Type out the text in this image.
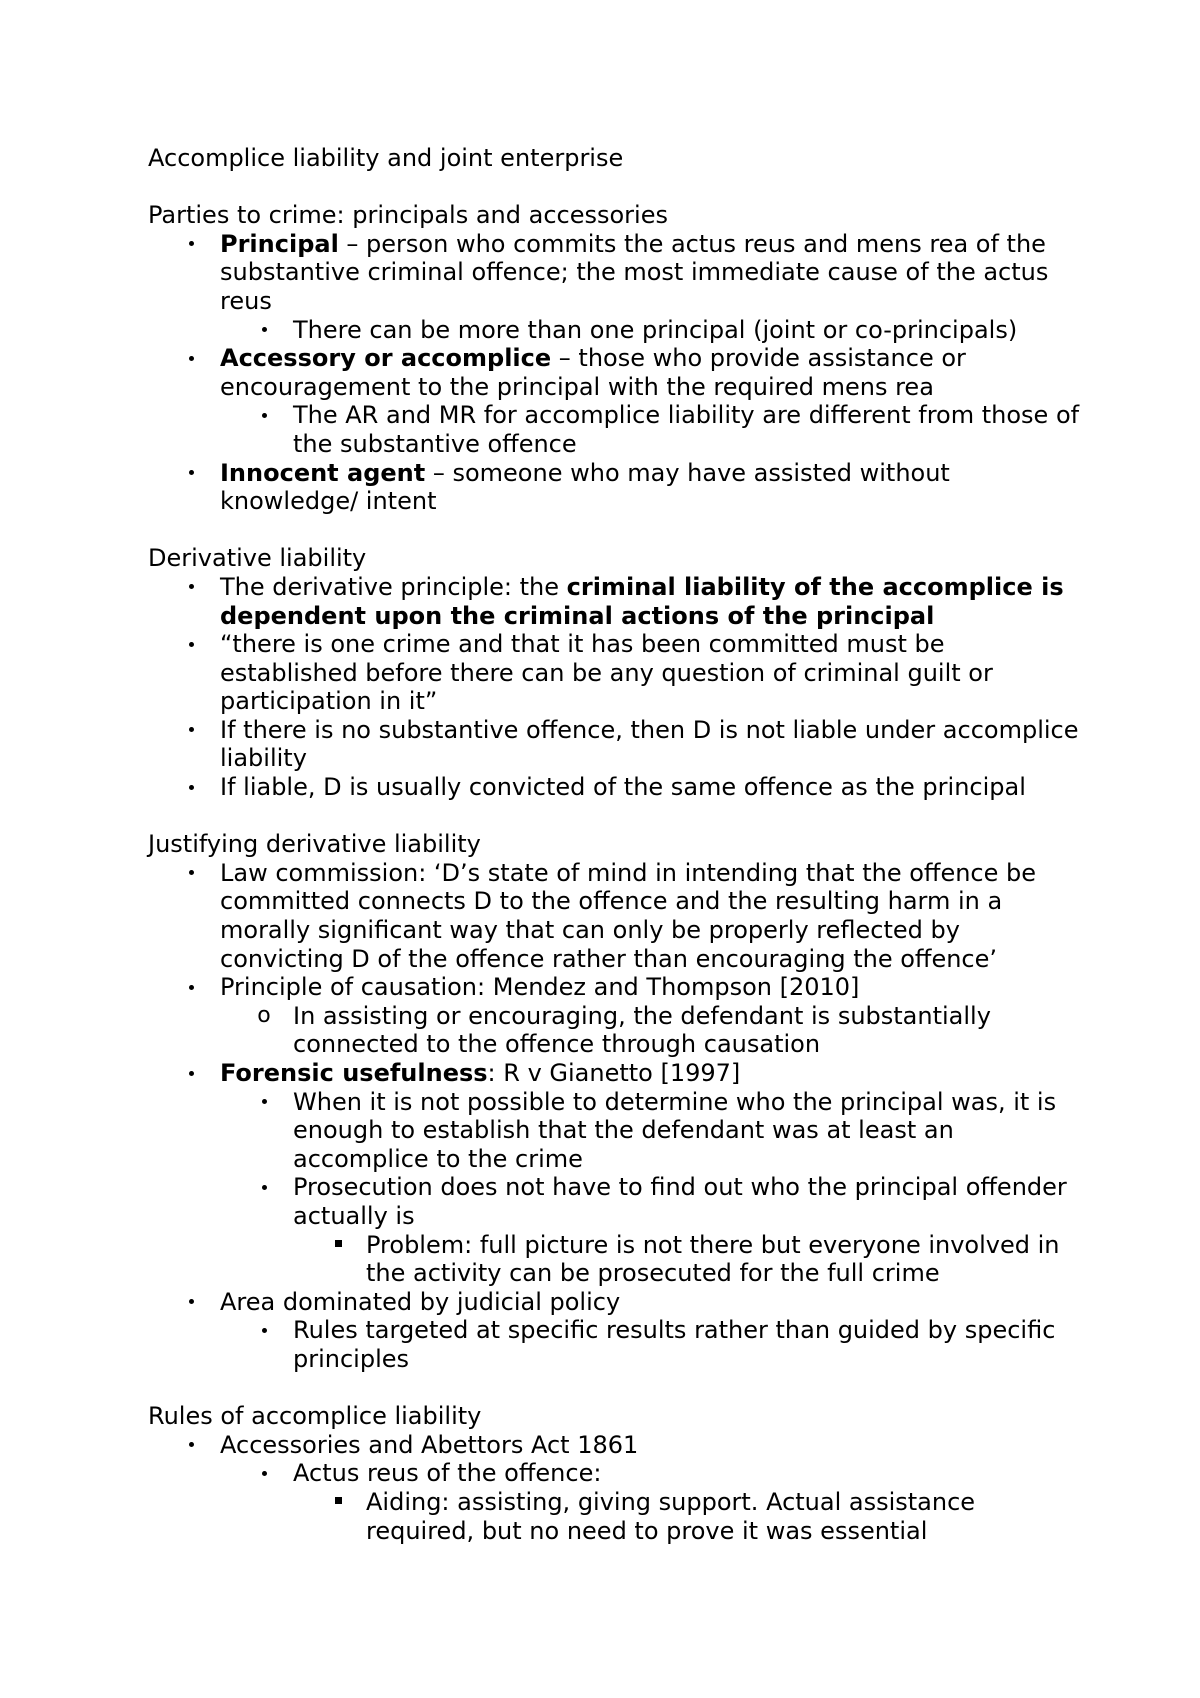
Accomplice liability and joint enterprise

Parties to crime: principals and accessories

Principal – person who commits the actus reus and mens rea of the substantive criminal offence; the most immediate cause of the actus reus
There can be more than one principal (joint or co-principals)
Accessory or accomplice – those who provide assistance or encouragement to the principal with the required mens rea
The AR and MR for accomplice liability are different from those of the substantive offence
Innocent agent – someone who may have assisted without knowledge/ intent

Derivative liability

The derivative principle: the criminal liability of the accomplice is dependent upon the criminal actions of the principal
“there is one crime and that it has been committed must be established before there can be any question of criminal guilt or participation in it”
If there is no substantive offence, then D is not liable under accomplice liability
If liable, D is usually convicted of the same offence as the principal

Justifying derivative liability

Law commission: ‘D’s state of mind in intending that the offence be committed connects D to the offence and the resulting harm in a morally significant way that can only be properly reflected by convicting D of the offence rather than encouraging the offence’
Principle of causation: Mendez and Thompson [2010]
o In assisting or encouraging, the defendant is substantially connected to the offence through causation
Forensic usefulness: R v Gianetto [1997]
When it is not possible to determine who the principal was, it is enough to establish that the defendant was at least an accomplice to the crime
Prosecution does not have to find out who the principal offender actually is
Problem: full picture is not there but everyone involved in the activity can be prosecuted for the full crime
Area dominated by judicial policy
Rules targeted at specific results rather than guided by specific principles

Rules of accomplice liability

Accessories and Abettors Act 1861
Actus reus of the offence:
Aiding: assisting, giving support. Actual assistance required, but no need to prove it was essential
